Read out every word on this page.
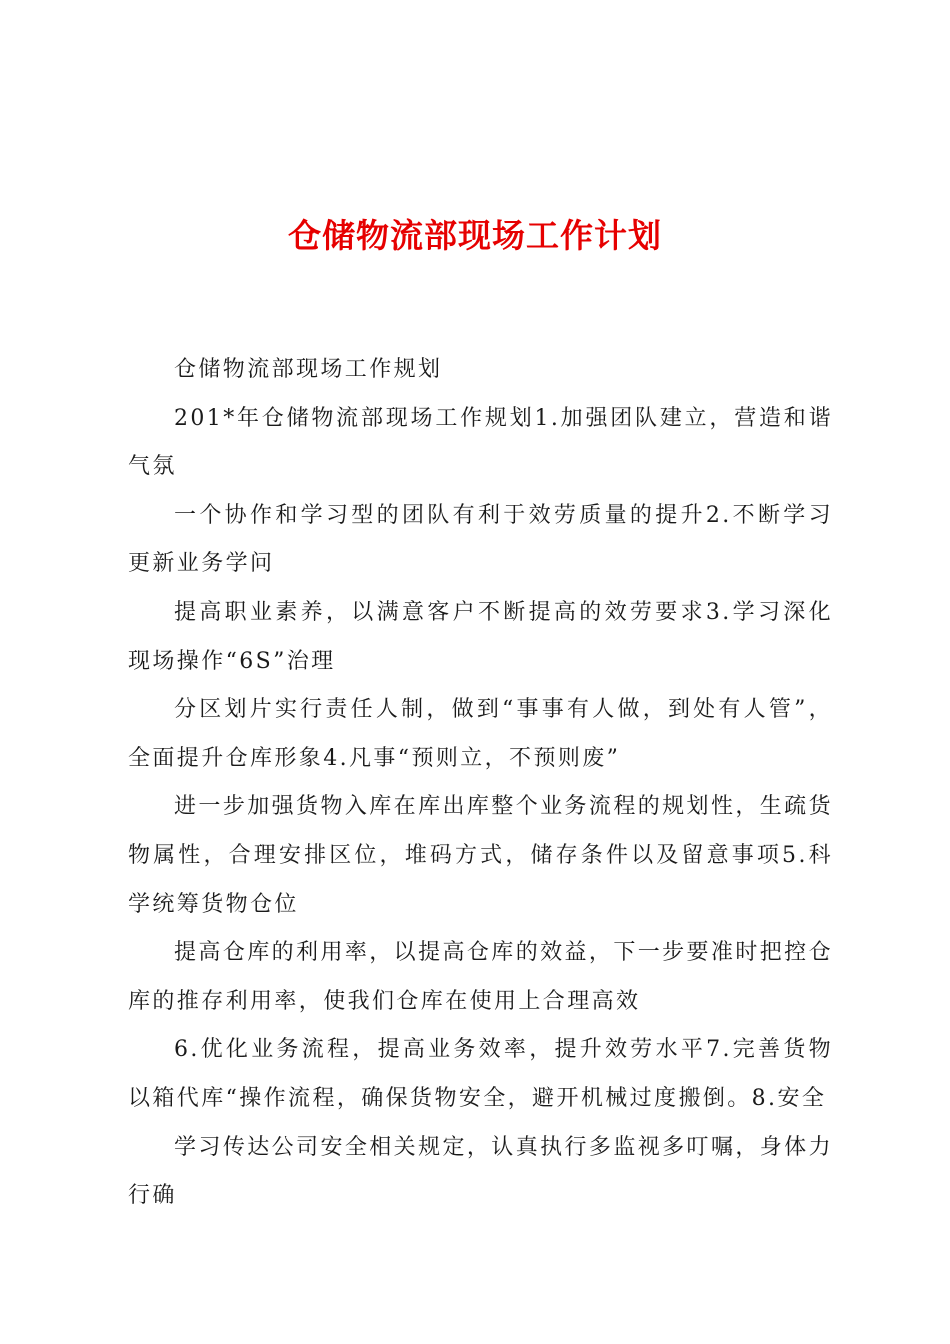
仓储物流部现场工作计划

仓储物流部现场工作规划

201*年仓储物流部现场工作规划1.加强团队建立，营造和谐气氛

一个协作和学习型的团队有利于效劳质量的提升2.不断学习更新业务学问

提高职业素养，以满意客户不断提高的效劳要求3.学习深化现场操作“6S”治理

分区划片实行责任人制，做到“事事有人做，到处有人管”，全面提升仓库形象4.凡事“预则立，不预则废”

进一步加强货物入库在库出库整个业务流程的规划性，生疏货物属性，合理安排区位，堆码方式，储存条件以及留意事项5.科学统筹货物仓位

提高仓库的利用率，以提高仓库的效益，下一步要准时把控仓库的推存利用率，使我们仓库在使用上合理高效

6.优化业务流程，提高业务效率，提升效劳水平7.完善货物以箱代库“操作流程，确保货物安全，避开机械过度搬倒。8.安全

学习传达公司安全相关规定，认真执行多监视多叮嘱，身体力行确
